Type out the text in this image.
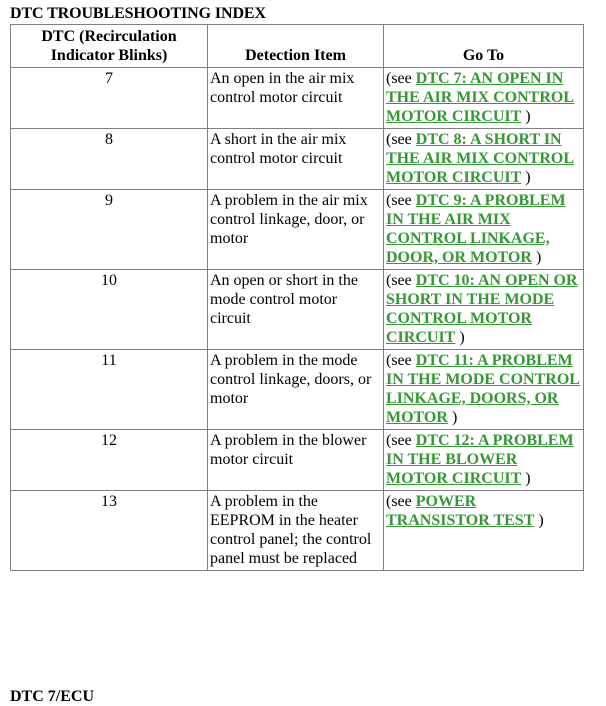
DTC TROUBLESHOOTING INDEX
DTC (Recirculation
Indicator Blinks)	Detection Item	Go To
7	An open in the air mix control motor circuit	(see DTC 7: AN OPEN IN THE AIR MIX CONTROL MOTOR CIRCUIT )
8	A short in the air mix control motor circuit	(see DTC 8: A SHORT IN THE AIR MIX CONTROL MOTOR CIRCUIT )
9	A problem in the air mix control linkage, door, or motor	(see DTC 9: A PROBLEM IN THE AIR MIX CONTROL LINKAGE, DOOR, OR MOTOR )
10	An open or short in the mode control motor circuit	(see DTC 10: AN OPEN OR SHORT IN THE MODE CONTROL MOTOR CIRCUIT )
11	A problem in the mode control linkage, doors, or motor	(see DTC 11: A PROBLEM IN THE MODE CONTROL LINKAGE, DOORS, OR MOTOR )
12	A problem in the blower motor circuit	(see DTC 12: A PROBLEM IN THE BLOWER MOTOR CIRCUIT )
13	A problem in the EEPROM in the heater control panel; the control panel must be replaced	(see POWER TRANSISTOR TEST )
DTC 7/ECU
